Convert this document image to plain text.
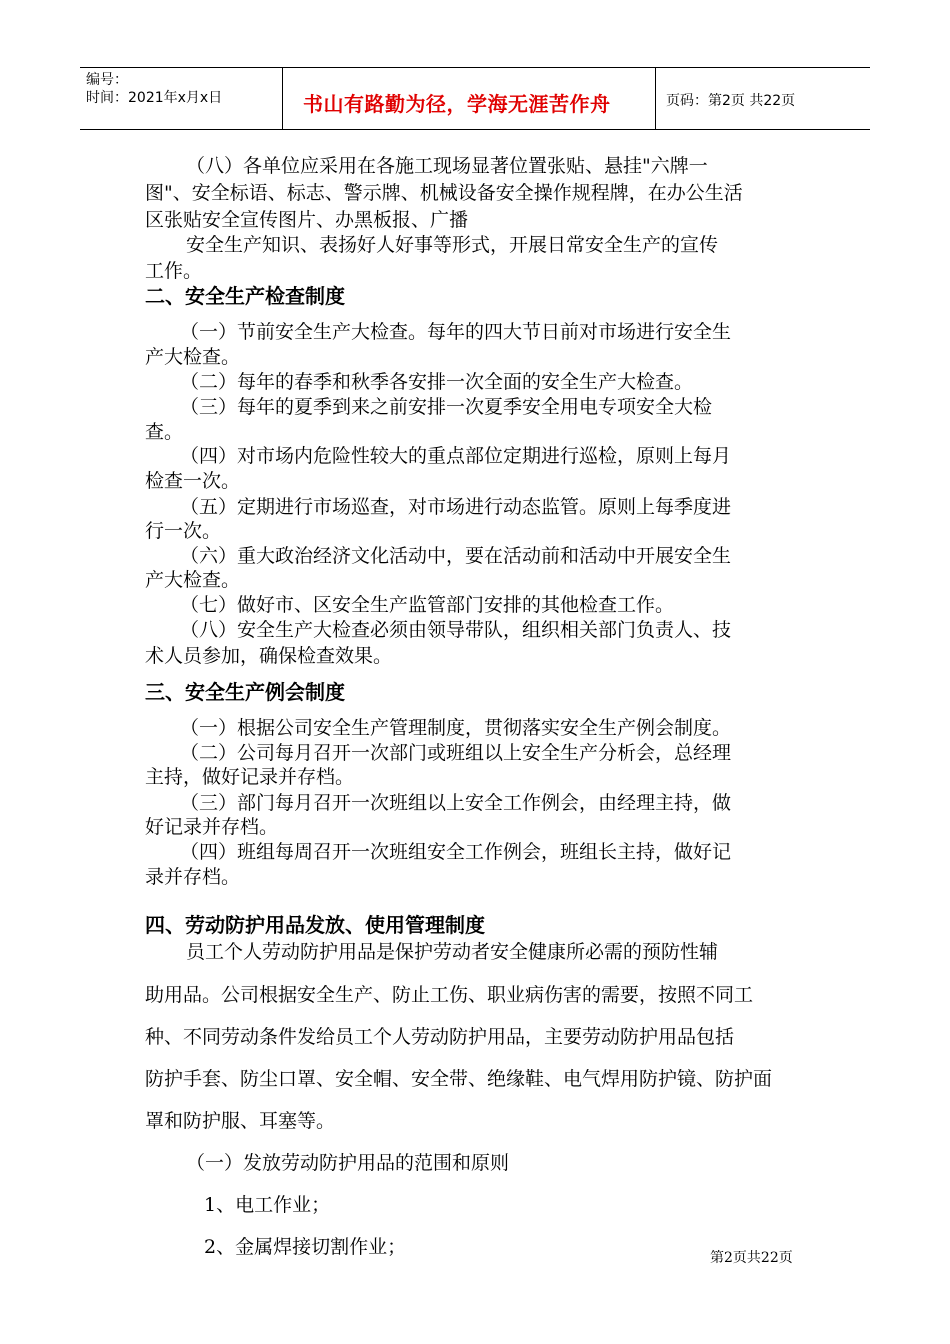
编号：
时间：2021年x月x日	书山有路勤为径，学海无涯苦作舟	页码：第2页 共22页
（八）各单位应采用在各施工现场显著位置张贴、悬挂"六牌一
图"、安全标语、标志、警示牌、机械设备安全操作规程牌，在办公生活
区张贴安全宣传图片、办黑板报、广播
安全生产知识、表扬好人好事等形式，开展日常安全生产的宣传
工作。
二、安全生产检查制度
（一）节前安全生产大检查。每年的四大节日前对市场进行安全生
产大检查。
（二）每年的春季和秋季各安排一次全面的安全生产大检查。
（三）每年的夏季到来之前安排一次夏季安全用电专项安全大检
查。
（四）对市场内危险性较大的重点部位定期进行巡检，原则上每月
检查一次。
（五）定期进行市场巡查，对市场进行动态监管。原则上每季度进
行一次。
（六）重大政治经济文化活动中，要在活动前和活动中开展安全生
产大检查。
（七）做好市、区安全生产监管部门安排的其他检查工作。
（八）安全生产大检查必须由领导带队，组织相关部门负责人、技
术人员参加，确保检查效果。
三、安全生产例会制度
（一）根据公司安全生产管理制度，贯彻落实安全生产例会制度。
（二）公司每月召开一次部门或班组以上安全生产分析会，总经理
主持，做好记录并存档。
（三）部门每月召开一次班组以上安全工作例会，由经理主持，做
好记录并存档。
（四）班组每周召开一次班组安全工作例会，班组长主持，做好记
录并存档。
四、劳动防护用品发放、使用管理制度
员工个人劳动防护用品是保护劳动者安全健康所必需的预防性辅
助用品。公司根据安全生产、防止工伤、职业病伤害的需要，按照不同工
种、不同劳动条件发给员工个人劳动防护用品，主要劳动防护用品包括
防护手套、防尘口罩、安全帽、安全带、绝缘鞋、电气焊用防护镜、防护面
罩和防护服、耳塞等。
（一）发放劳动防护用品的范围和原则
1、电工作业；
2、金属焊接切割作业；	第2页共22页
